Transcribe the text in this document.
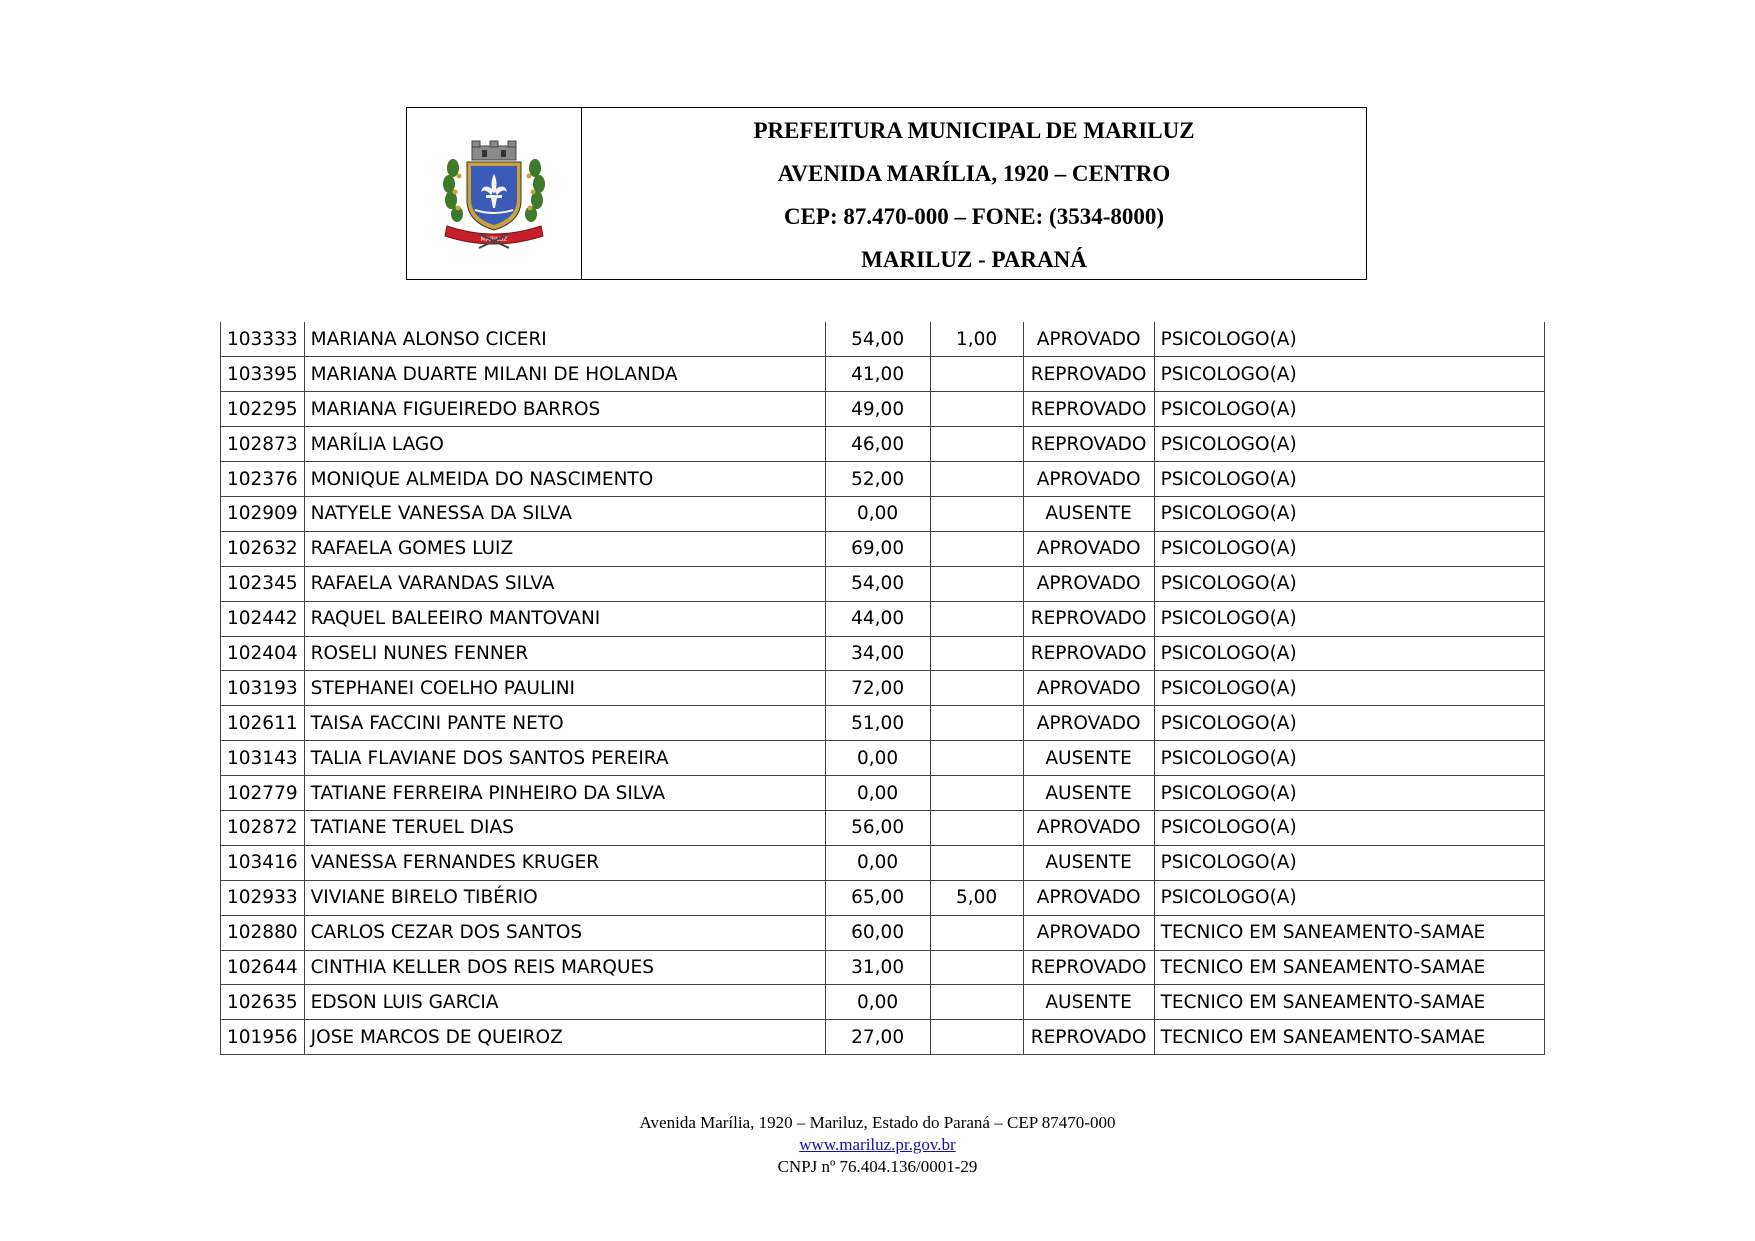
MARILUZ
PREFEITURA MUNICIPAL DE MARILUZ
AVENIDA MARÍLIA, 1920 – CENTRO
CEP: 87.470-000 – FONE: (3534-8000)
MARILUZ - PARANÁ
103333	MARIANA ALONSO CICERI	54,00	1,00	APROVADO	PSICOLOGO(A)
103395	MARIANA DUARTE MILANI DE HOLANDA	41,00		REPROVADO	PSICOLOGO(A)
102295	MARIANA FIGUEIREDO BARROS	49,00		REPROVADO	PSICOLOGO(A)
102873	MARÍLIA LAGO	46,00		REPROVADO	PSICOLOGO(A)
102376	MONIQUE ALMEIDA DO NASCIMENTO	52,00		APROVADO	PSICOLOGO(A)
102909	NATYELE VANESSA DA SILVA	0,00		AUSENTE	PSICOLOGO(A)
102632	RAFAELA GOMES LUIZ	69,00		APROVADO	PSICOLOGO(A)
102345	RAFAELA VARANDAS SILVA	54,00		APROVADO	PSICOLOGO(A)
102442	RAQUEL BALEEIRO MANTOVANI	44,00		REPROVADO	PSICOLOGO(A)
102404	ROSELI NUNES FENNER	34,00		REPROVADO	PSICOLOGO(A)
103193	STEPHANEI COELHO PAULINI	72,00		APROVADO	PSICOLOGO(A)
102611	TAISA FACCINI PANTE NETO	51,00		APROVADO	PSICOLOGO(A)
103143	TALIA FLAVIANE DOS SANTOS PEREIRA	0,00		AUSENTE	PSICOLOGO(A)
102779	TATIANE FERREIRA PINHEIRO DA SILVA	0,00		AUSENTE	PSICOLOGO(A)
102872	TATIANE TERUEL DIAS	56,00		APROVADO	PSICOLOGO(A)
103416	VANESSA FERNANDES KRUGER	0,00		AUSENTE	PSICOLOGO(A)
102933	VIVIANE BIRELO TIBÉRIO	65,00	5,00	APROVADO	PSICOLOGO(A)
102880	CARLOS CEZAR DOS SANTOS	60,00		APROVADO	TECNICO EM SANEAMENTO-SAMAE
102644	CINTHIA KELLER DOS REIS MARQUES	31,00		REPROVADO	TECNICO EM SANEAMENTO-SAMAE
102635	EDSON LUIS GARCIA	0,00		AUSENTE	TECNICO EM SANEAMENTO-SAMAE
101956	JOSE MARCOS DE QUEIROZ	27,00		REPROVADO	TECNICO EM SANEAMENTO-SAMAE
Avenida Marília, 1920 – Mariluz, Estado do Paraná – CEP 87470-000
www.mariluz.pr.gov.br
CNPJ nº 76.404.136/0001-29
